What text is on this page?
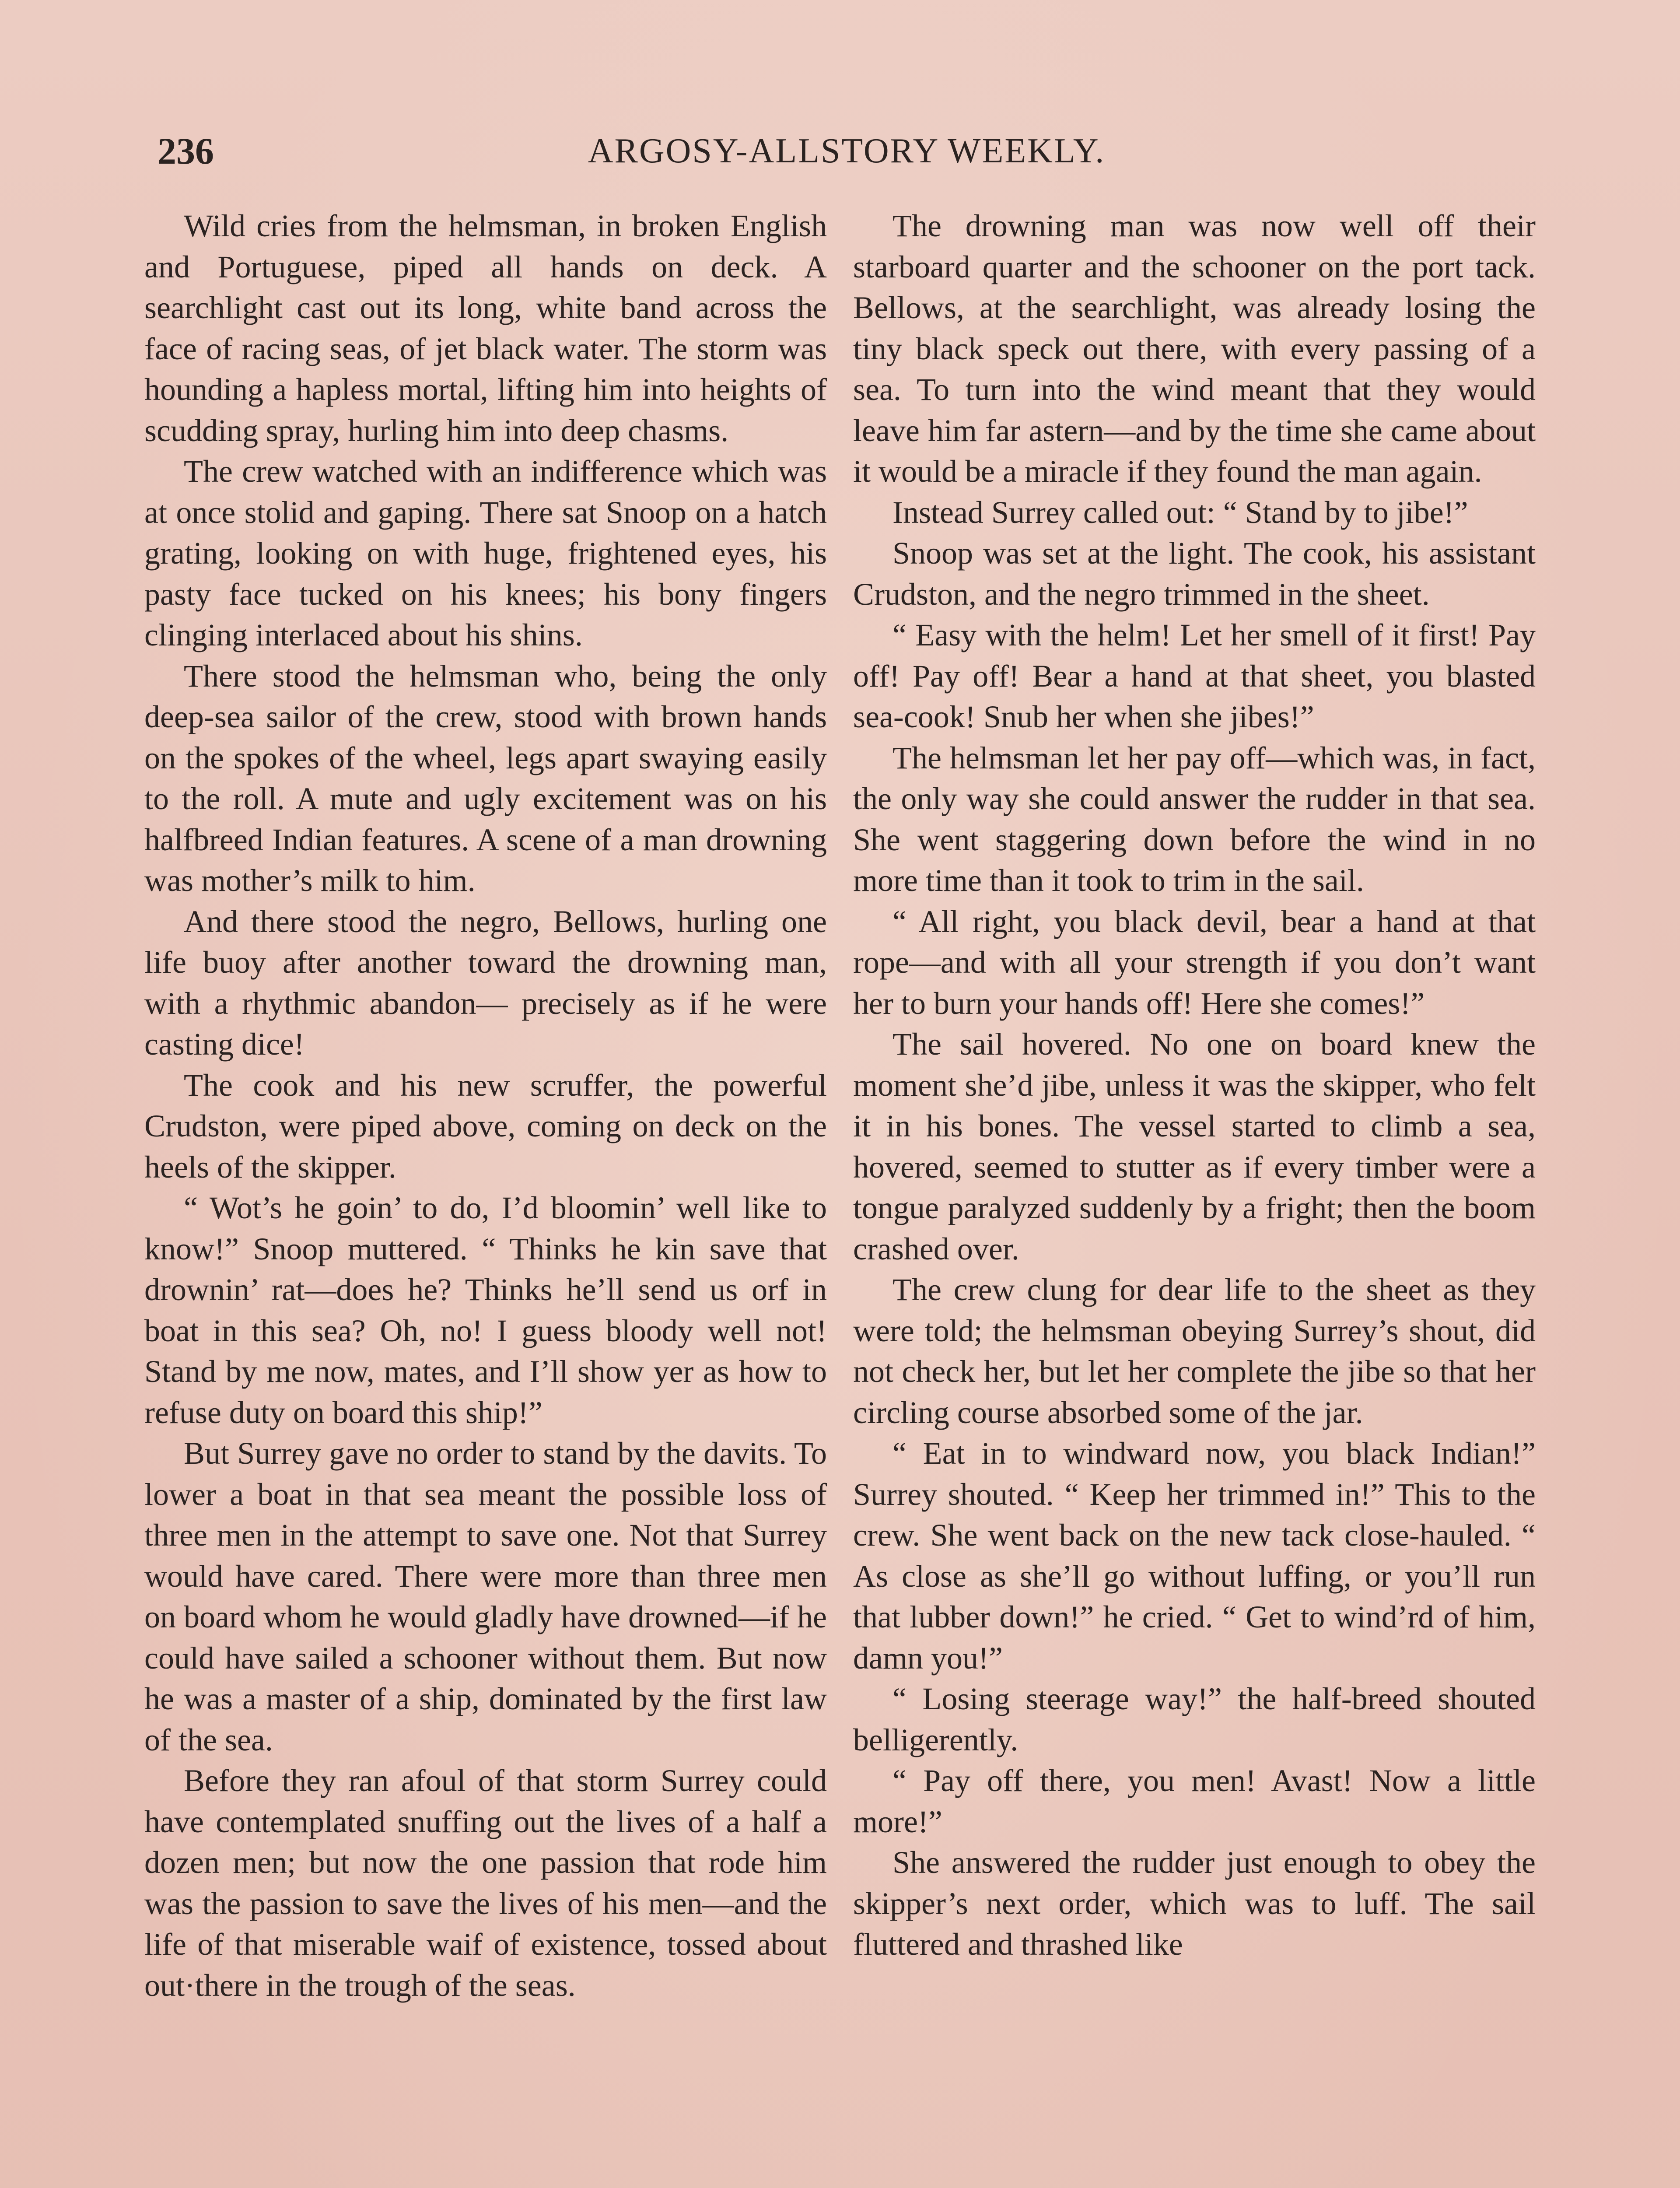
236	ARGOSY-ALLSTORY WEEKLY.

Wild cries from the helmsman, in broken English and Portuguese, piped all hands on deck. A searchlight cast out its long, white band across the face of racing seas, of jet black water. The storm was hounding a hapless mortal, lifting him into heights of scudding spray, hurling him into deep chasms.

The crew watched with an indifference which was at once stolid and gaping. There sat Snoop on a hatch grating, looking on with huge, frightened eyes, his pasty face tucked on his knees; his bony fingers clinging interlaced about his shins.

There stood the helmsman who, being the only deep-sea sailor of the crew, stood with brown hands on the spokes of the wheel, legs apart swaying easily to the roll. A mute and ugly excitement was on his halfbreed Indian features. A scene of a man drowning was mother’s milk to him.

And there stood the negro, Bellows, hurling one life buoy after another toward the drowning man, with a rhythmic abandon— precisely as if he were casting dice!

The cook and his new scruffer, the powerful Crudston, were piped above, coming on deck on the heels of the skipper.

“ Wot’s he goin’ to do, I’d bloomin’ well like to know!” Snoop muttered. “ Thinks he kin save that drownin’ rat—does he? Thinks he’ll send us orf in boat in this sea? Oh, no! I guess bloody well not! Stand by me now, mates, and I’ll show yer as how to refuse duty on board this ship!”

But Surrey gave no order to stand by the davits. To lower a boat in that sea meant the possible loss of three men in the attempt to save one. Not that Surrey would have cared. There were more than three men on board whom he would gladly have drowned—if he could have sailed a schooner without them. But now he was a master of a ship, dominated by the first law of the sea.

Before they ran afoul of that storm Surrey could have contemplated snuffing out the lives of a half a dozen men; but now the one passion that rode him was the passion to save the lives of his men—and the life of that miserable waif of existence, tossed about out·there in the trough of the seas.

The drowning man was now well off their starboard quarter and the schooner on the port tack. Bellows, at the searchlight, was already losing the tiny black speck out there, with every passing of a sea. To turn into the wind meant that they would leave him far astern—and by the time she came about it would be a miracle if they found the man again.

Instead Surrey called out: “ Stand by to jibe!”

Snoop was set at the light. The cook, his assistant Crudston, and the negro trimmed in the sheet.

“ Easy with the helm! Let her smell of it first! Pay off! Pay off! Bear a hand at that sheet, you blasted sea-cook! Snub her when she jibes!”

The helmsman let her pay off—which was, in fact, the only way she could answer the rudder in that sea. She went staggering down before the wind in no more time than it took to trim in the sail.

“ All right, you black devil, bear a hand at that rope—and with all your strength if you don’t want her to burn your hands off! Here she comes!”

The sail hovered. No one on board knew the moment she’d jibe, unless it was the skipper, who felt it in his bones. The vessel started to climb a sea, hovered, seemed to stutter as if every timber were a tongue paralyzed suddenly by a fright; then the boom crashed over.

The crew clung for dear life to the sheet as they were told; the helmsman obeying Surrey’s shout, did not check her, but let her complete the jibe so that her circling course absorbed some of the jar.

“ Eat in to windward now, you black Indian!” Surrey shouted. “ Keep her trimmed in!” This to the crew. She went back on the new tack close-hauled. “ As close as she’ll go without luffing, or you’ll run that lubber down!” he cried. “ Get to wind’rd of him, damn you!”

“ Losing steerage way!” the half-breed shouted belligerently.

“ Pay off there, you men! Avast! Now a little more!”

She answered the rudder just enough to obey the skipper’s next order, which was to luff. The sail fluttered and thrashed like
